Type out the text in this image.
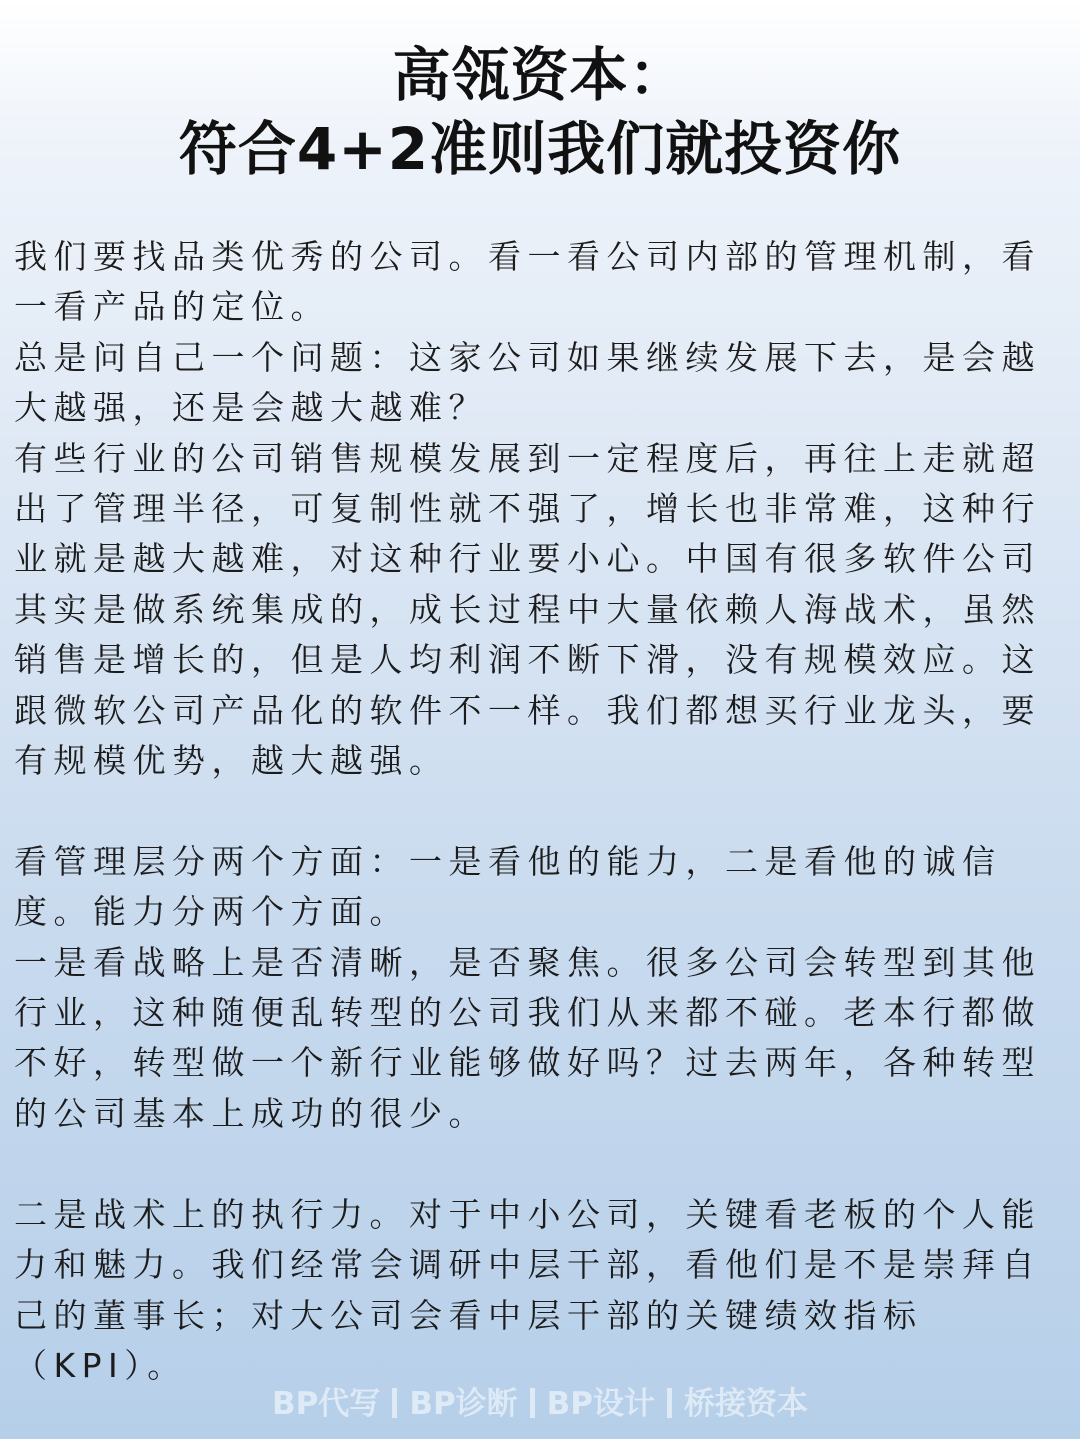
高瓴资本：
符合4+2准则我们就投资你

我们要找品类优秀的公司。看一看公司内部的管理机制，看一看产品的定位。

总是问自己一个问题：这家公司如果继续发展下去，是会越大越强，还是会越大越难？

有些行业的公司销售规模发展到一定程度后，再往上走就超出了管理半径，可复制性就不强了，增长也非常难，这种行业就是越大越难，对这种行业要小心。中国有很多软件公司其实是做系统集成的，成长过程中大量依赖人海战术，虽然销售是增长的，但是人均利润不断下滑，没有规模效应。这跟微软公司产品化的软件不一样。我们都想买行业龙头，要有规模优势，越大越强。

看管理层分两个方面：一是看他的能力，二是看他的诚信度。能力分两个方面。

一是看战略上是否清晰，是否聚焦。很多公司会转型到其他行业，这种随便乱转型的公司我们从来都不碰。老本行都做不好，转型做一个新行业能够做好吗？过去两年，各种转型的公司基本上成功的很少。

二是战术上的执行力。对于中小公司，关键看老板的个人能力和魅力。我们经常会调研中层干部，看他们是不是崇拜自己的董事长；对大公司会看中层干部的关键绩效指标（KPI）。

BP代写 BP诊断 BP设计 桥接资本
